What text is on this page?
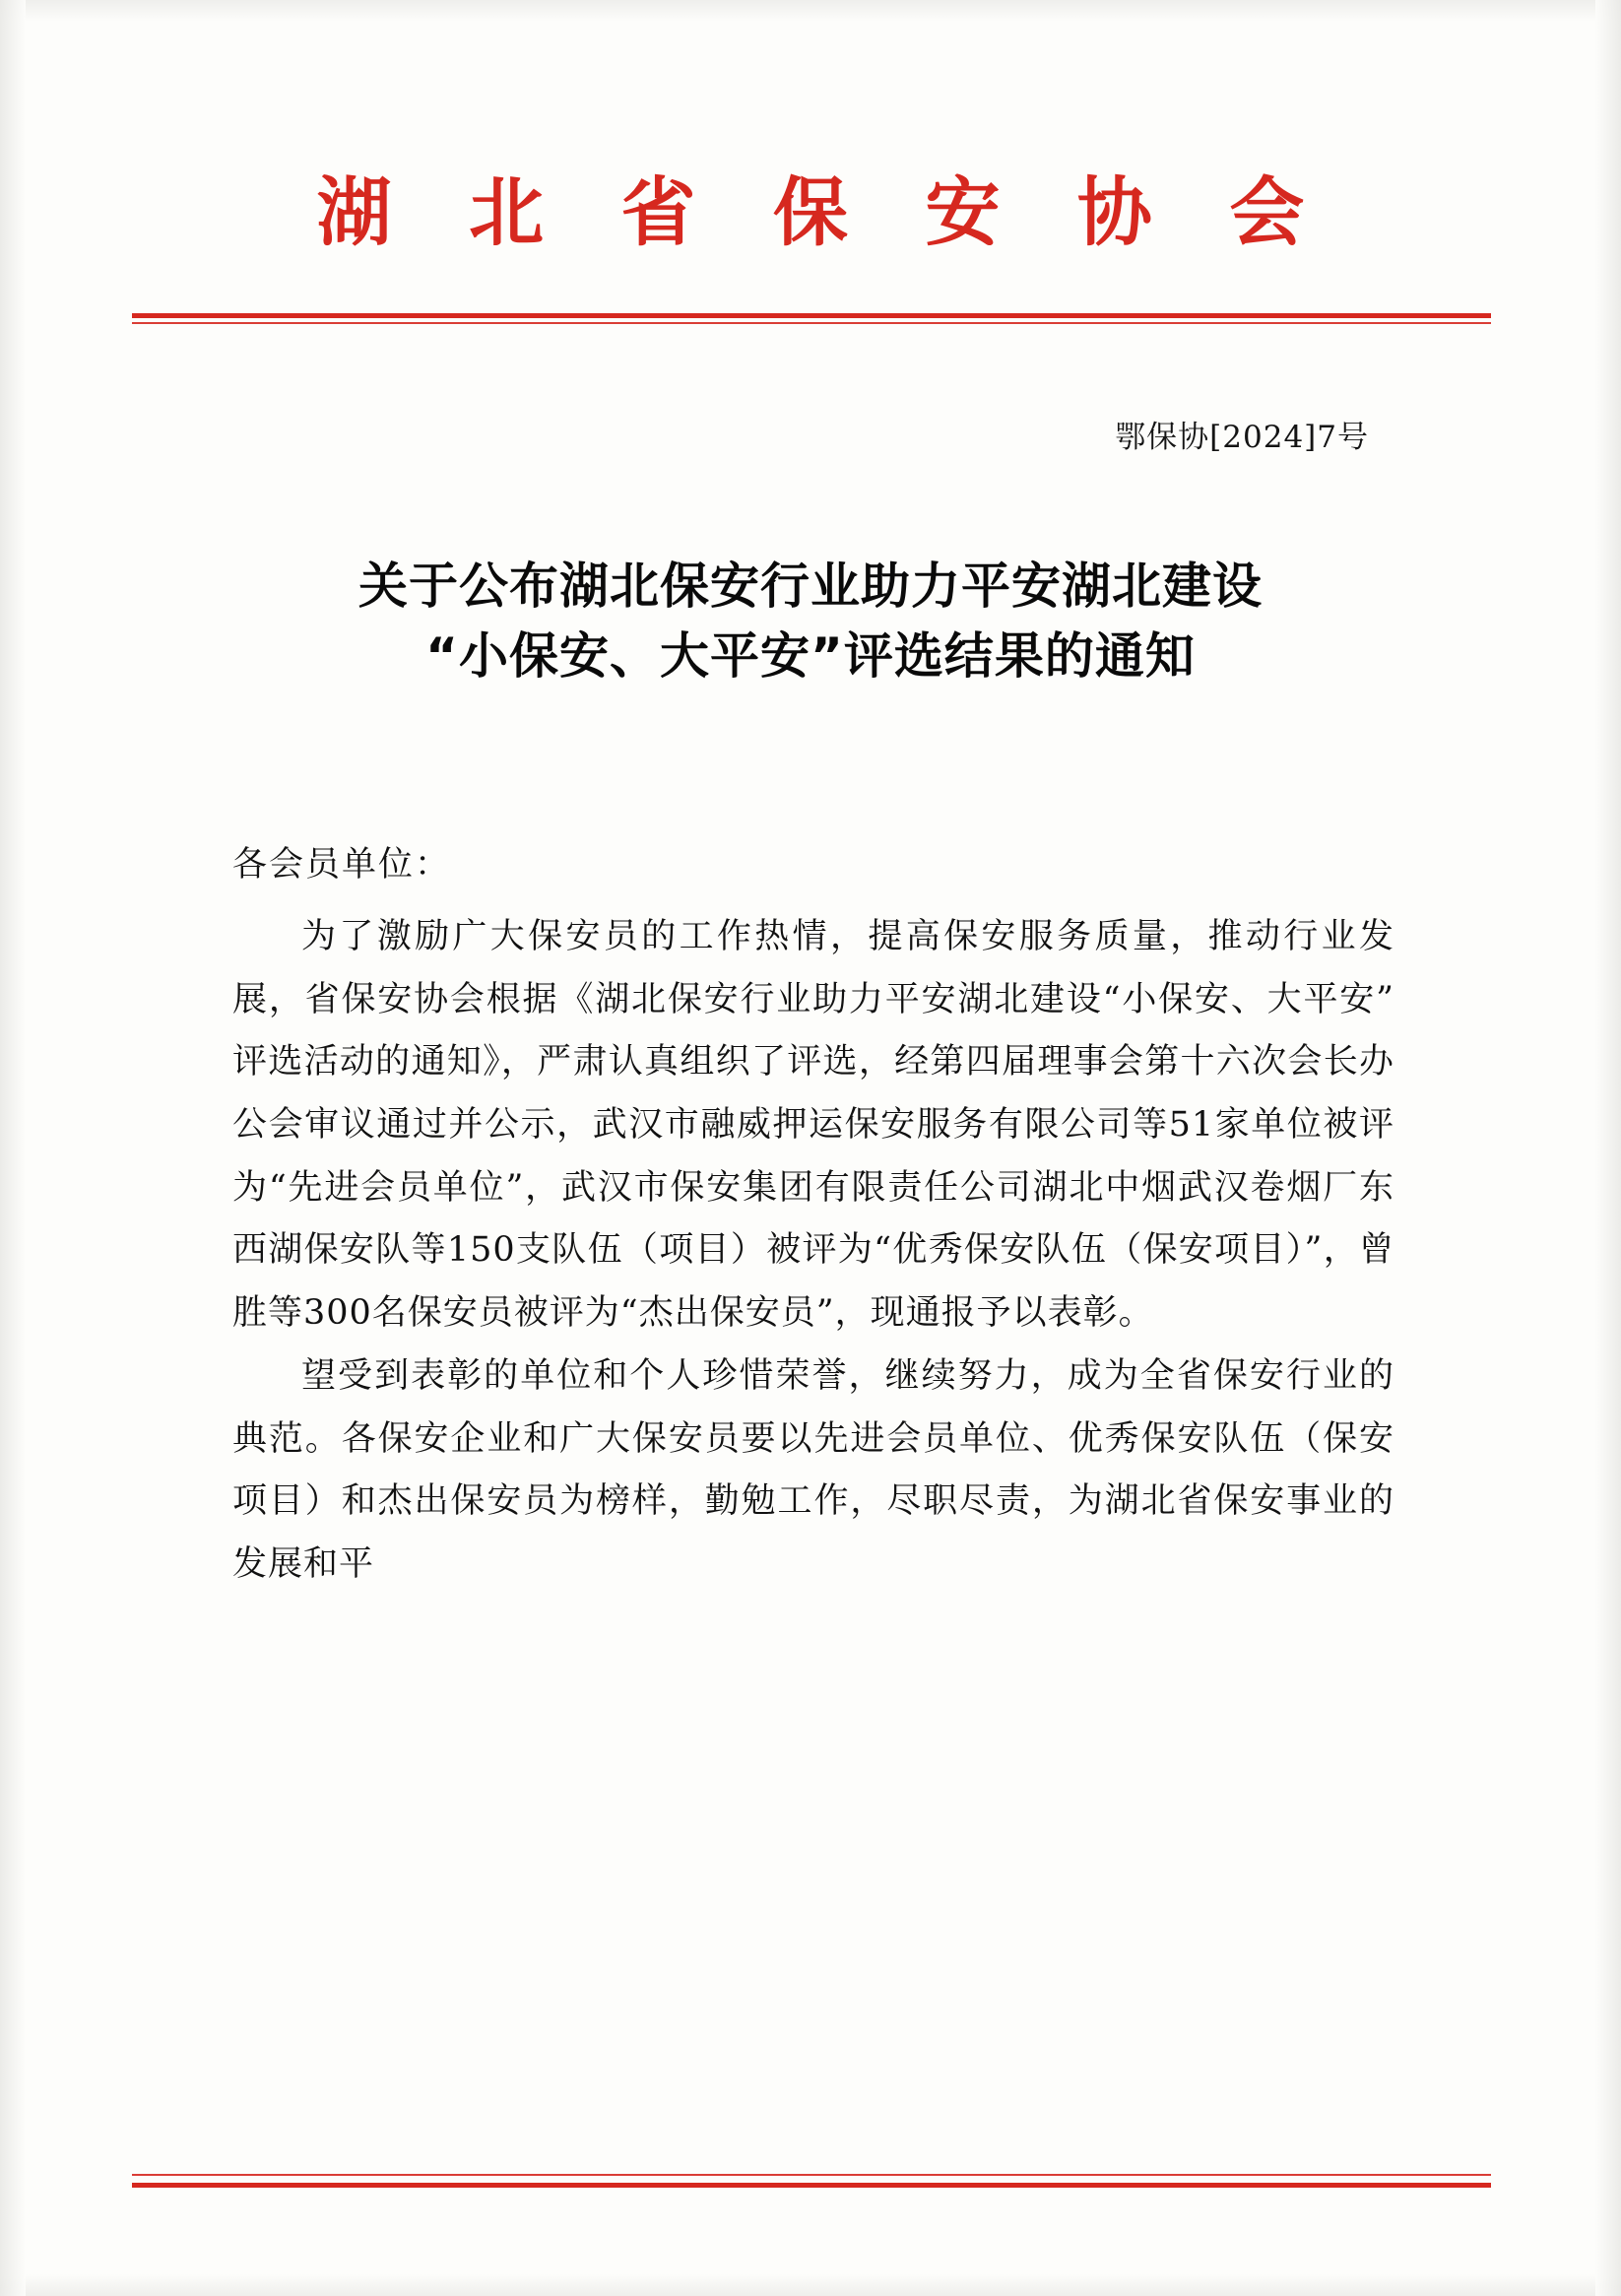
湖 北 省 保 安 协 会
鄂保协[2024]7号
关于公布湖北保安行业助力平安湖北建设
“小保安、大平安”评选结果的通知
各会员单位：

为了激励广大保安员的工作热情，提高保安服务质量，推动行业发展，省保安协会根据《湖北保安行业助力平安湖北建设“小保安、大平安”评选活动的通知》，严肃认真组织了评选，经第四届理事会第十六次会长办公会审议通过并公示，武汉市融威押运保安服务有限公司等51家单位被评为“先进会员单位”，武汉市保安集团有限责任公司湖北中烟武汉卷烟厂东西湖保安队等150支队伍（项目）被评为“优秀保安队伍（保安项目）”，曾胜等300名保安员被评为“杰出保安员”，现通报予以表彰。

望受到表彰的单位和个人珍惜荣誉，继续努力，成为全省保安行业的典范。各保安企业和广大保安员要以先进会员单位、优秀保安队伍（保安项目）和杰出保安员为榜样，勤勉工作，尽职尽责，为湖北省保安事业的发展和平
